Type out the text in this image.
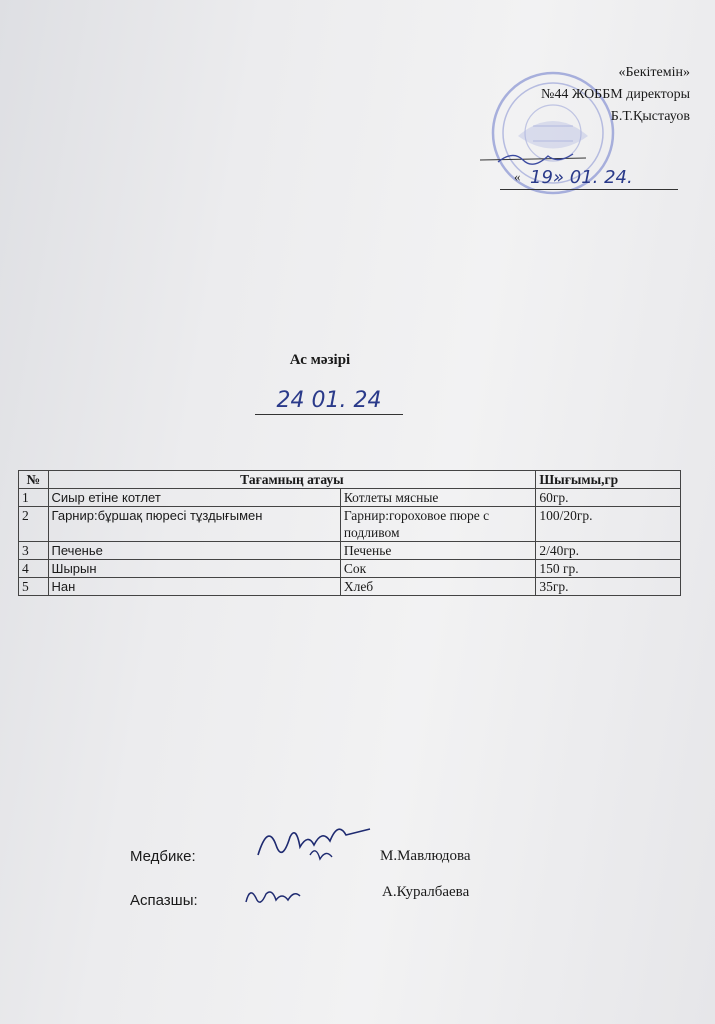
«Бекітемін»
№44 ЖОББМ директоры
Б.Т.Қыстауов
« 19» 01. 24.
Ас мәзірі
24 01. 24
№	Тағамның атауы		Шығымы,гр
1	Сиыр етіне котлет	Котлеты мясные	60гр.
2	Гарнир:бұршақ пюресі тұздығымен	Гарнир:гороховое пюре с подливом	100/20гр.
3	Печенье	Печенье	2/40гр.
4	Шырын	Сок	150 гр.
5	Нан	Хлеб	35гр.
Медбике:	М.Мавлюдова
Аспазшы:	А.Куралбаева
